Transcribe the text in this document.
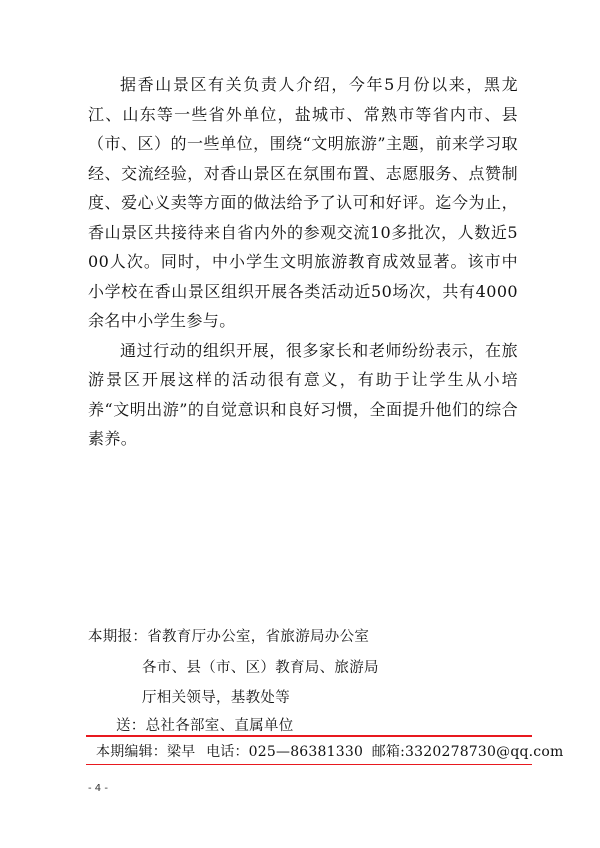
据香山景区有关负责人介绍，今年5月份以来，黑龙江、山东等一些省外单位，盐城市、常熟市等省内市、县（市、区）的一些单位，围绕“文明旅游”主题，前来学习取经、交流经验，对香山景区在氛围布置、志愿服务、点赞制度、爱心义卖等方面的做法给予了认可和好评。迄今为止，香山景区共接待来自省内外的参观交流10多批次，人数近500人次。同时，中小学生文明旅游教育成效显著。该市中小学校在香山景区组织开展各类活动近50场次，共有4000余名中小学生参与。

通过行动的组织开展，很多家长和老师纷纷表示，在旅游景区开展这样的活动很有意义，有助于让学生从小培养“文明出游”的自觉意识和良好习惯，全面提升他们的综合素养。

本期报：省教育厅办公室，省旅游局办公室
各市、县（市、区）教育局、旅游局
厅相关领导，基教处等
送：总社各部室、直属单位
本期编辑：梁早 电话：025—86381330 邮箱:3320278730@qq.com
- 4 -
